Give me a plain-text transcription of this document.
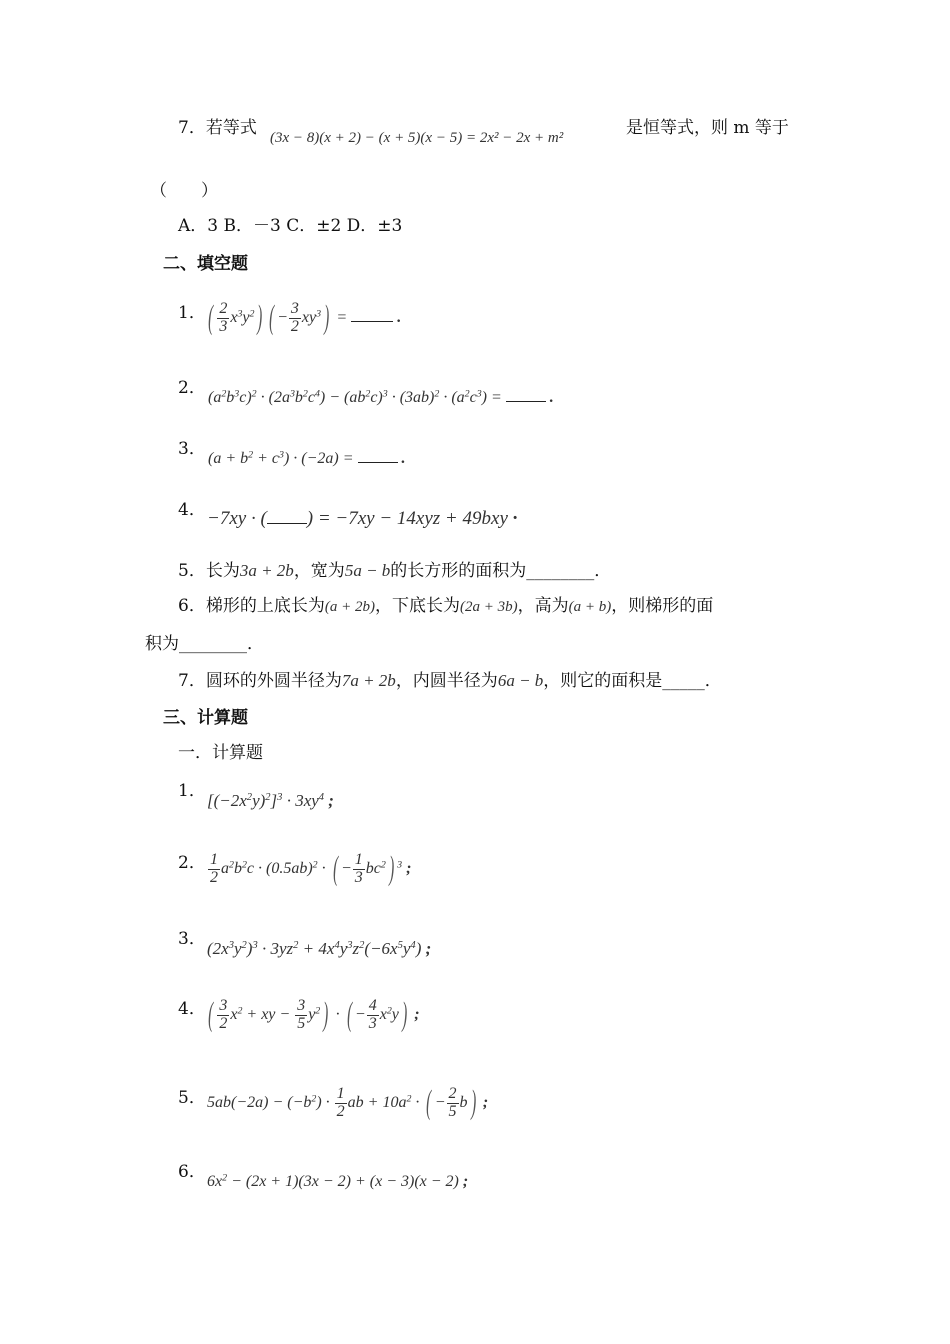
7．若等式 (3x − 8)(x + 2) − (x + 5)(x − 5) = 2x² − 2x + m²	是恒等式，则 m 等于
（　　）
A．3 B．－3 C．±2 D．±3
二、填空题
1． ( $\frac{2}{3} x^3y^2$) ( − $\frac{3}{2} xy^3$) =	.
2． $(a^2b^3c)^2 \cdot (2a^3b^2c^4) - (ab^2c)^3 \cdot (3ab)^2 \cdot (a^2c^3)$ =	.
3． $(a + b^2 + c^3) \cdot (-2a)$ =	.
4． −7xy · ( ) = −7xy − 14xyz + 49bxy ·
5．长为3a + 2b，宽为5a − b的长方形的面积为________．
6．梯形的上底长为(a + 2b)，下底长为(2a + 3b)，高为(a + b)，则梯形的面
积为________．
7．圆环的外圆半径为7a + 2b，内圆半径为6a − b，则它的面积是_____．
三、计算题
一．计算题
1． $[(-2x^2y)^2]^3 \cdot 3xy^4$ ;
2． $\frac{1}{2} a^2b^2c \cdot (0.5ab)^2$ · ( − $\frac{1}{3} bc^2$) $^3$ ;
3． $(2x^3y^2)^3 \cdot 3yz^2 + 4x^4y^3z^2(-6x^5y^4)$ ;
4． ( $\frac{3}{2} x^2$ + xy − $\frac{3}{5} y^2$) · ( − $\frac{4}{3} x^2y$) ;
5． $5ab(-2a) - (-b^2) \cdot \frac{1}{2}$ ab + $10a^2$ · ( − $\frac{2}{5} b$) ;
6． $6x^2 - (2x + 1)(3x - 2) + (x - 3)(x - 2)$ ;
